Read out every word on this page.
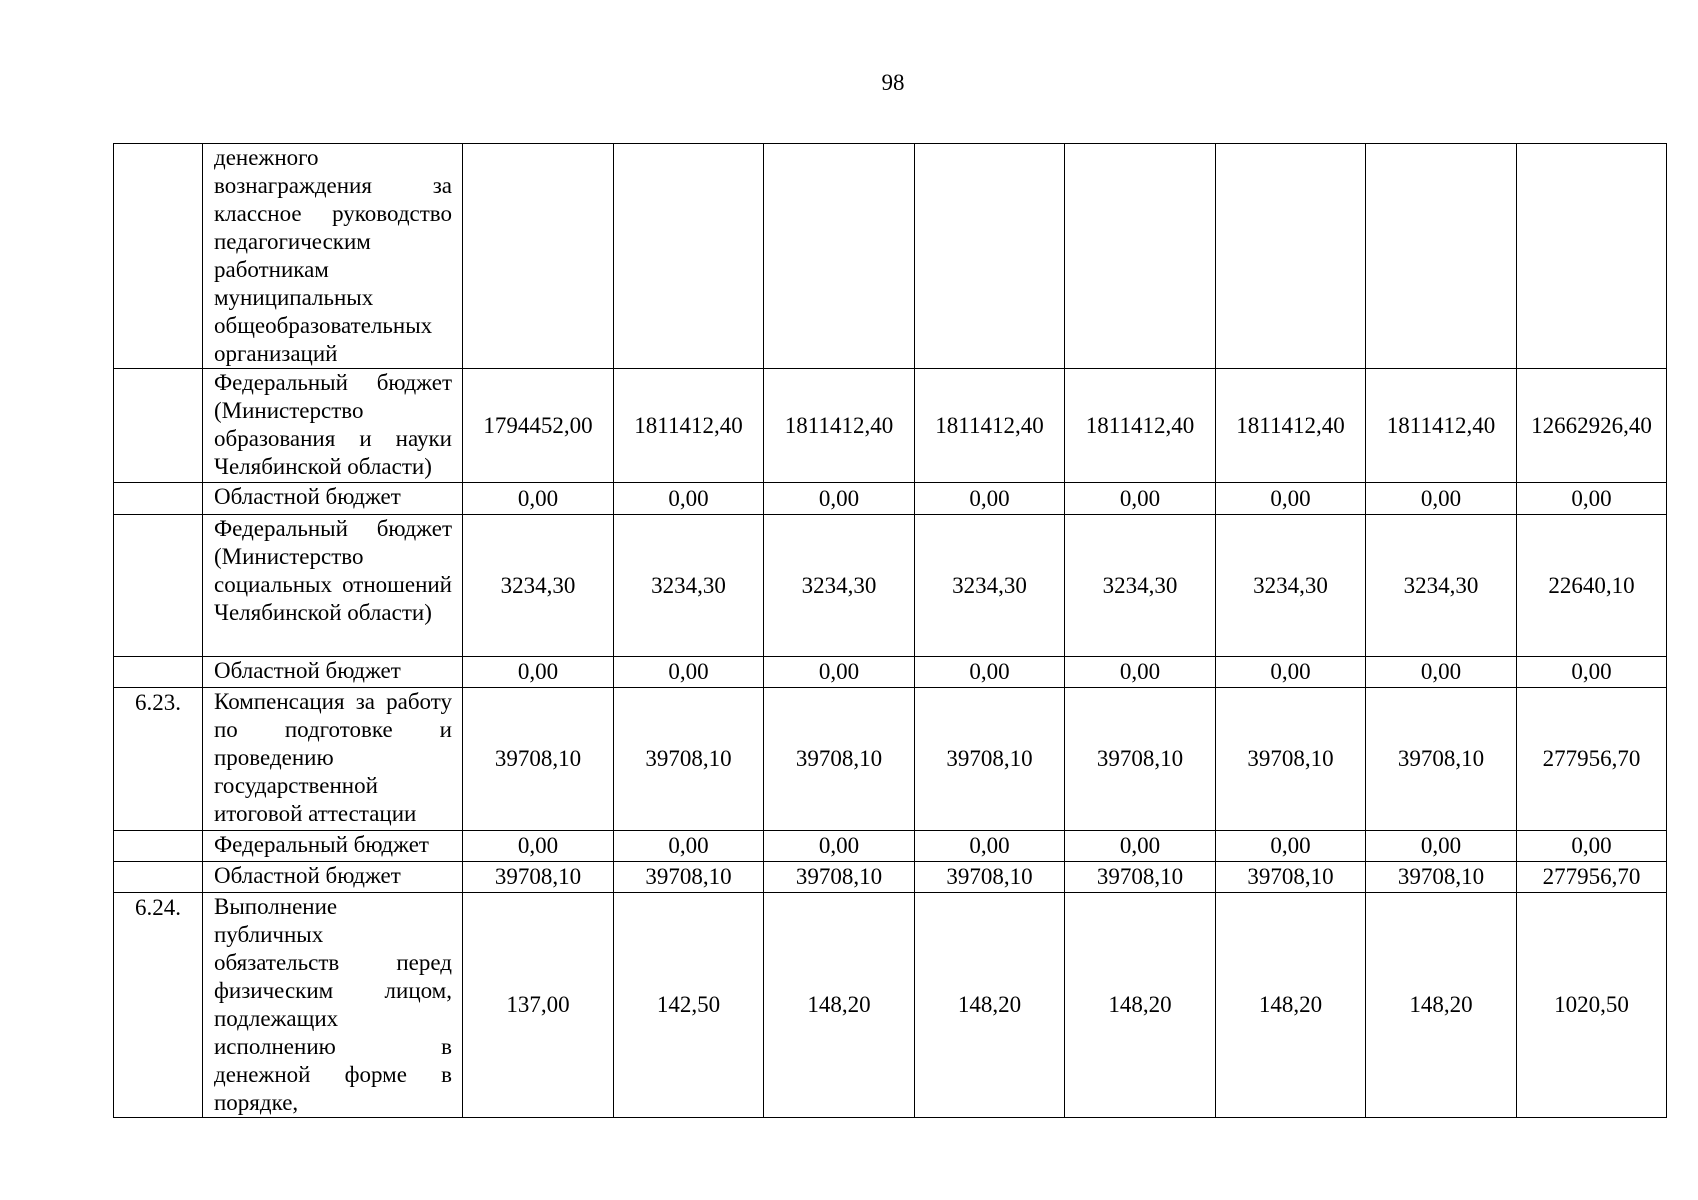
98
	денежного вознаграждения за классное руководство педагогическим работникам муниципальных общеобразовательных организаций								
	Федеральный бюджет (Министерство образования и науки Челябинской области)	1794452,00	1811412,40	1811412,40	1811412,40	1811412,40	1811412,40	1811412,40	12662926,40
	Областной бюджет	0,00	0,00	0,00	0,00	0,00	0,00	0,00	0,00
	Федеральный бюджет (Министерство социальных отношений Челябинской области)	3234,30	3234,30	3234,30	3234,30	3234,30	3234,30	3234,30	22640,10
	Областной бюджет	0,00	0,00	0,00	0,00	0,00	0,00	0,00	0,00
6.23.	Компенсация за работу по подготовке и проведению государственной итоговой аттестации	39708,10	39708,10	39708,10	39708,10	39708,10	39708,10	39708,10	277956,70
	Федеральный бюджет	0,00	0,00	0,00	0,00	0,00	0,00	0,00	0,00
	Областной бюджет	39708,10	39708,10	39708,10	39708,10	39708,10	39708,10	39708,10	277956,70
6.24.	Выполнение публичных обязательств перед физическим лицом, подлежащих исполнению в денежной форме в порядке,	137,00	142,50	148,20	148,20	148,20	148,20	148,20	1020,50
